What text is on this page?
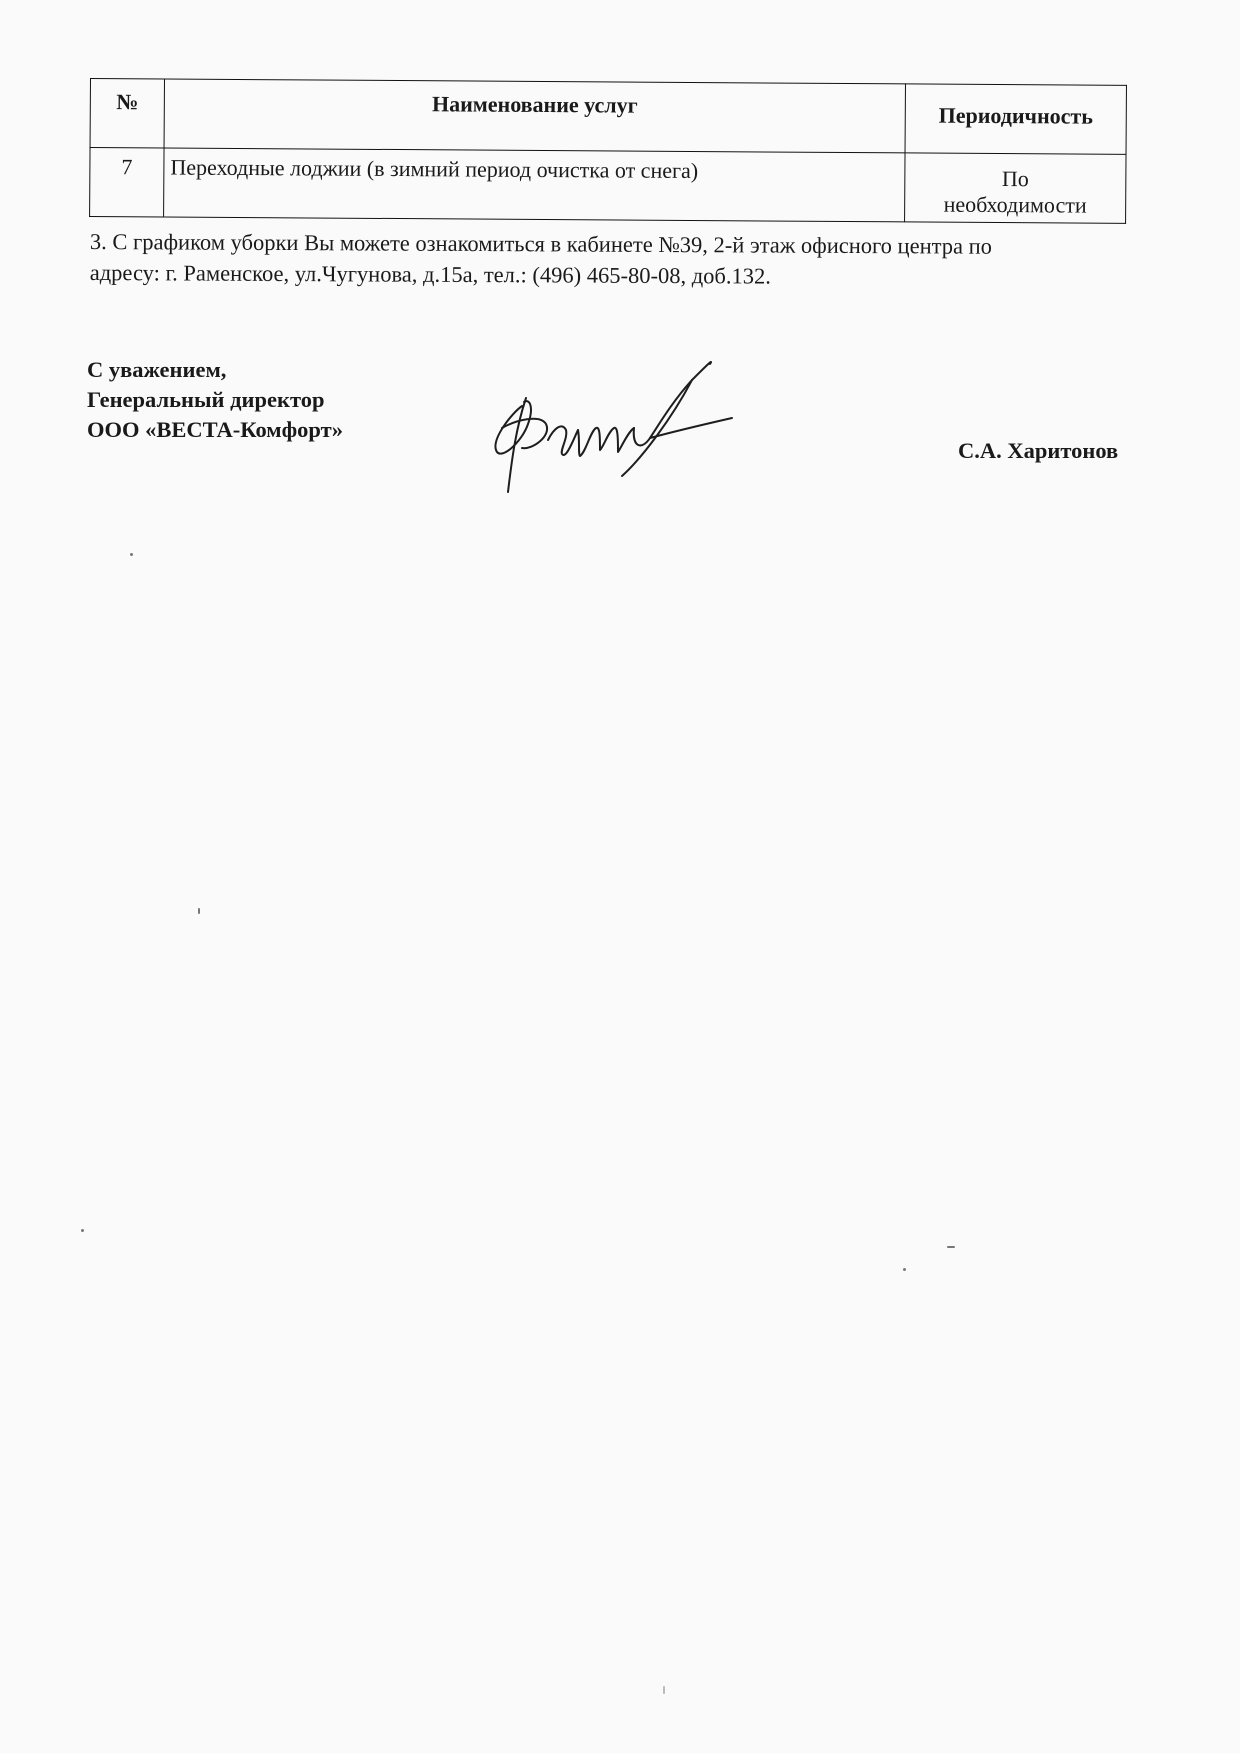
№	Наименование услуг	Периодичность
7	Переходные лоджии (в зимний период очистка от снега)	По
необходимости
3. С графиком уборки Вы можете ознакомиться в кабинете №39, 2-й этаж офисного центра по
адресу: г. Раменское, ул.Чугунова, д.15а, тел.: (496) 465-80-08, доб.132.
С уважением,
Генеральный директор
ООО «ВЕСТА-Комфорт»
С.А. Харитонов
